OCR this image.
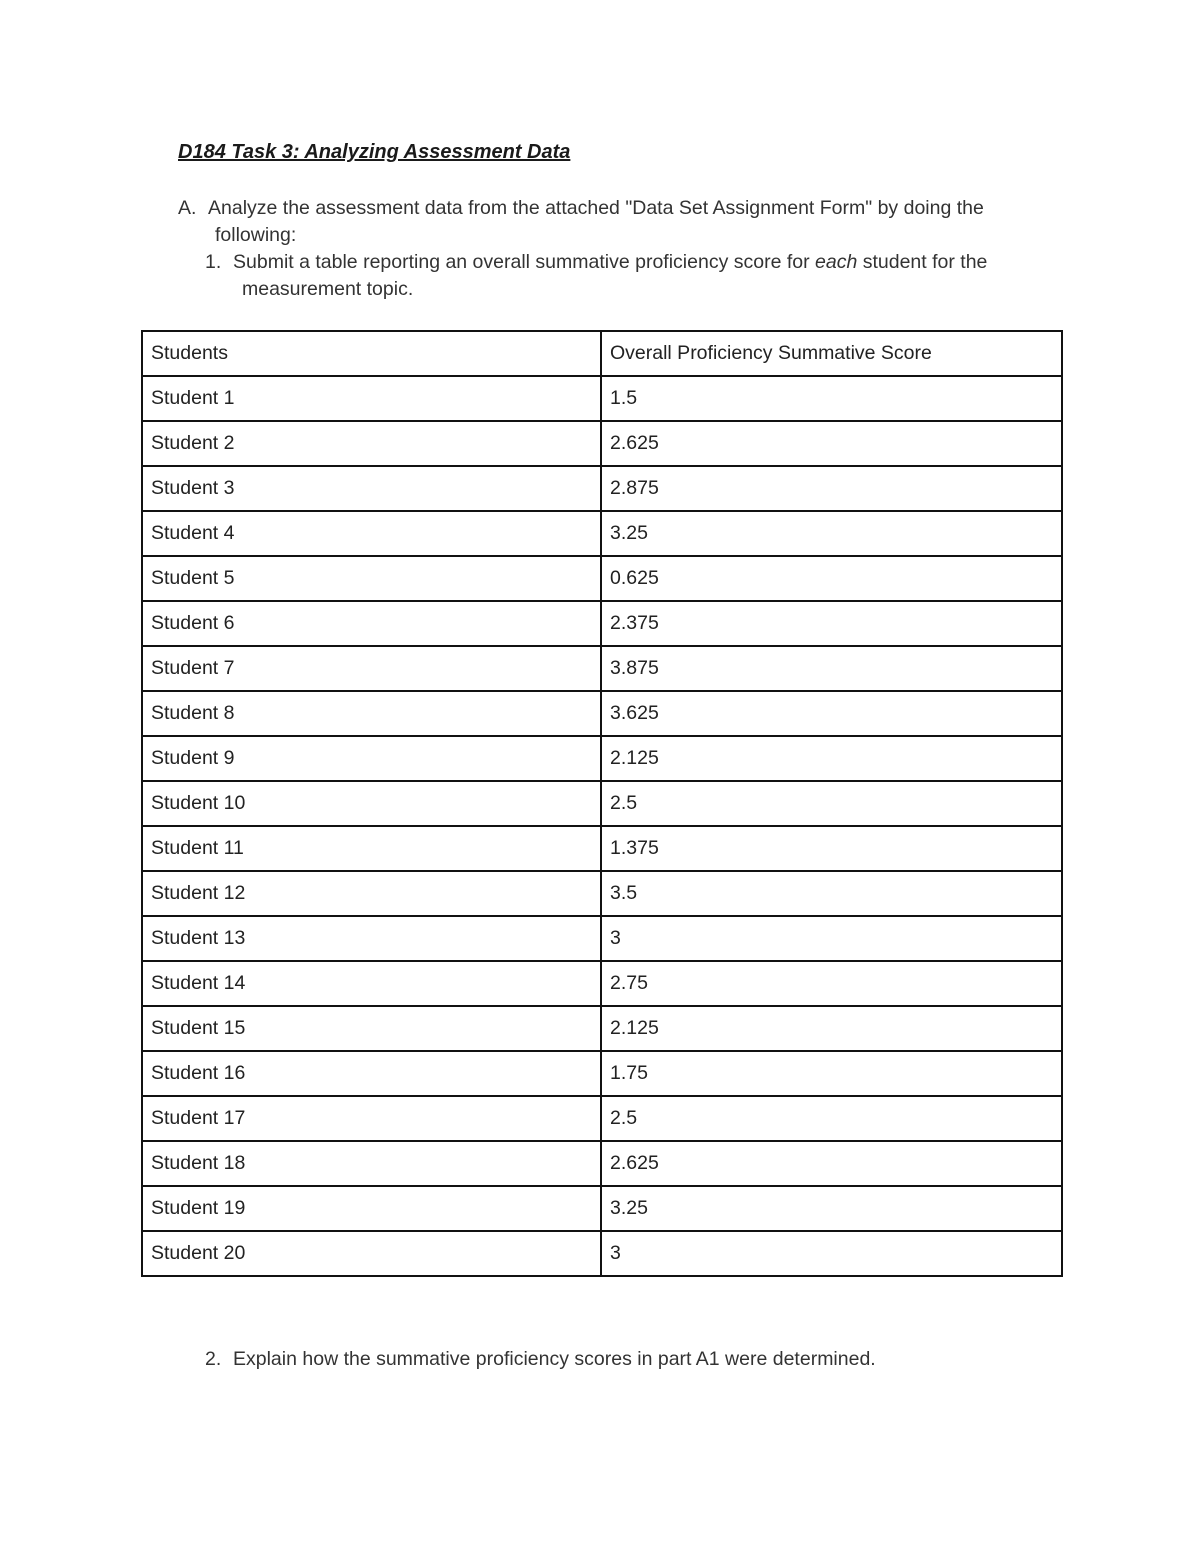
D184 Task 3: Analyzing Assessment Data
A. Analyze the assessment data from the attached "Data Set Assignment Form" by doing the following:
1. Submit a table reporting an overall summative proficiency score for each student for the measurement topic.
Students	Overall Proficiency Summative Score
Student 1	1.5
Student 2	2.625
Student 3	2.875
Student 4	3.25
Student 5	0.625
Student 6	2.375
Student 7	3.875
Student 8	3.625
Student 9	2.125
Student 10	2.5
Student 11	1.375
Student 12	3.5
Student 13	3
Student 14	2.75
Student 15	2.125
Student 16	1.75
Student 17	2.5
Student 18	2.625
Student 19	3.25
Student 20	3
2. Explain how the summative proficiency scores in part A1 were determined.
